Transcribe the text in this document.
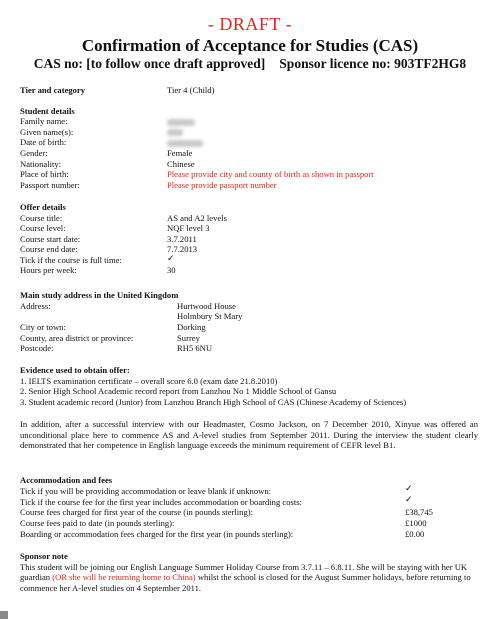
- DRAFT -
Confirmation of Acceptance for Studies (CAS)
CAS no: [to follow once draft approved] Sponsor licence no: 903TF2HG8
Tier and category	Tier 4 (Child)
Student details
Family name:
Given name(s):
Date of birth:
Gender:	Female
Nationality:	Chinese
Place of birth:	Please provide city and county of birth as shown in passport
Passport number:	Please provide passport number
Offer details
Course title:	AS and A2 levels
Course level:	NQF level 3
Course start date:	3.7.2011
Course end date:	7.7.2013
Tick if the course is full time:	✓
Hours per week:	30
Main study address in the United Kingdom
Address:	Hurtwood House
Holmbury St Mary
City or town:	Dorking
County, area district or province:	Surrey
Postcode:	RH5 6NU
Evidence used to obtain offer:
1. IELTS examination certificate – overall score 6.0 (exam date 21.8.2010)
2. Senior High School Academic record report from Lanzhou No 1 Middle School of Gansu
3. Student academic record (Junior) from Lanzhou Branch High School of CAS (Chinese Academy of Sciences)
In addition, after a successful interview with our Headmaster, Cosmo Jackson, on 7 December 2010, Xinyue was offered an unconditional place here to commence AS and A-level studies from September 2011. During the interview the student clearly demonstrated that her competence in English language exceeds the minimum requirement of CEFR level B1.
Accommodation and fees
Tick if you will be providing accommodation or leave blank if unknown:	✓
Tick if the course fee for the first year includes accommodation or boarding costs:	✓
Course fees charged for first year of the course (in pounds sterling):	£38,745
Course fees paid to date (in pounds sterling):	£1000
Boarding or accommodation fees charged for the first year (in pounds sterling):	£0.00
Sponsor note
This student will be joining our English Language Summer Holiday Course from 3.7.11 – 6.8.11. She will be staying with her UK guardian (OR she will be returning home to China) whilst the school is closed for the August Summer holidays, before returning to commence her A-level studies on 4 September 2011.
